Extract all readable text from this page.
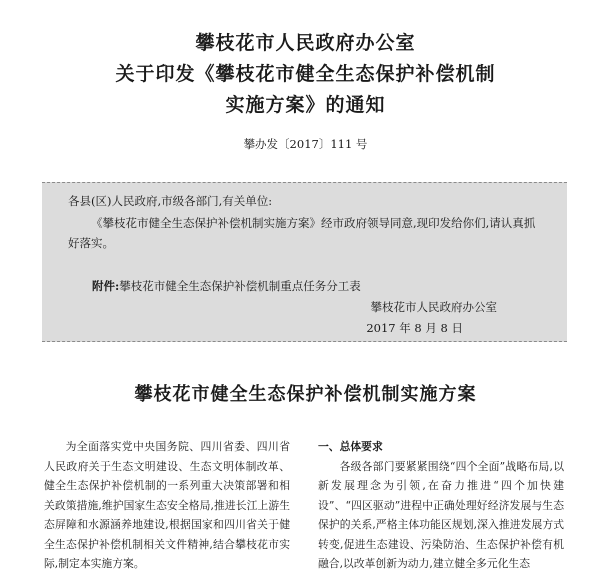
攀枝花市人民政府办公室
关于印发《攀枝花市健全生态保护补偿机制
实施方案》的通知
攀办发〔2017〕111 号
各县(区)人民政府,市级各部门,有关单位:
《攀枝花市健全生态保护补偿机制实施方案》经市政府领导同意,现印发给你们,请认真抓好落实。
附件:攀枝花市健全生态保护补偿机制重点任务分工表
攀枝花市人民政府办公室
2017 年 8 月 8 日
攀枝花市健全生态保护补偿机制实施方案

为全面落实党中央国务院、四川省委、四川省人民政府关于生态文明建设、生态文明体制改革、健全生态保护补偿机制的一系列重大决策部署和相关政策措施,维护国家生态安全格局,推进长江上游生态屏障和水源涵养地建设,根据国家和四川省关于健全生态保护补偿机制相关文件精神,结合攀枝花市实际,制定本实施方案。

一、总体要求

各级各部门要紧紧围绕“四个全面”战略布局,以新发展理念为引领,在奋力推进“四个加快建设”、“四区驱动”进程中正确处理好经济发展与生态保护的关系,严格主体功能区规划,深入推进发展方式转变,促进生态建设、污染防治、生态保护补偿有机融合,以改革创新为动力,建立健全多元化生态
